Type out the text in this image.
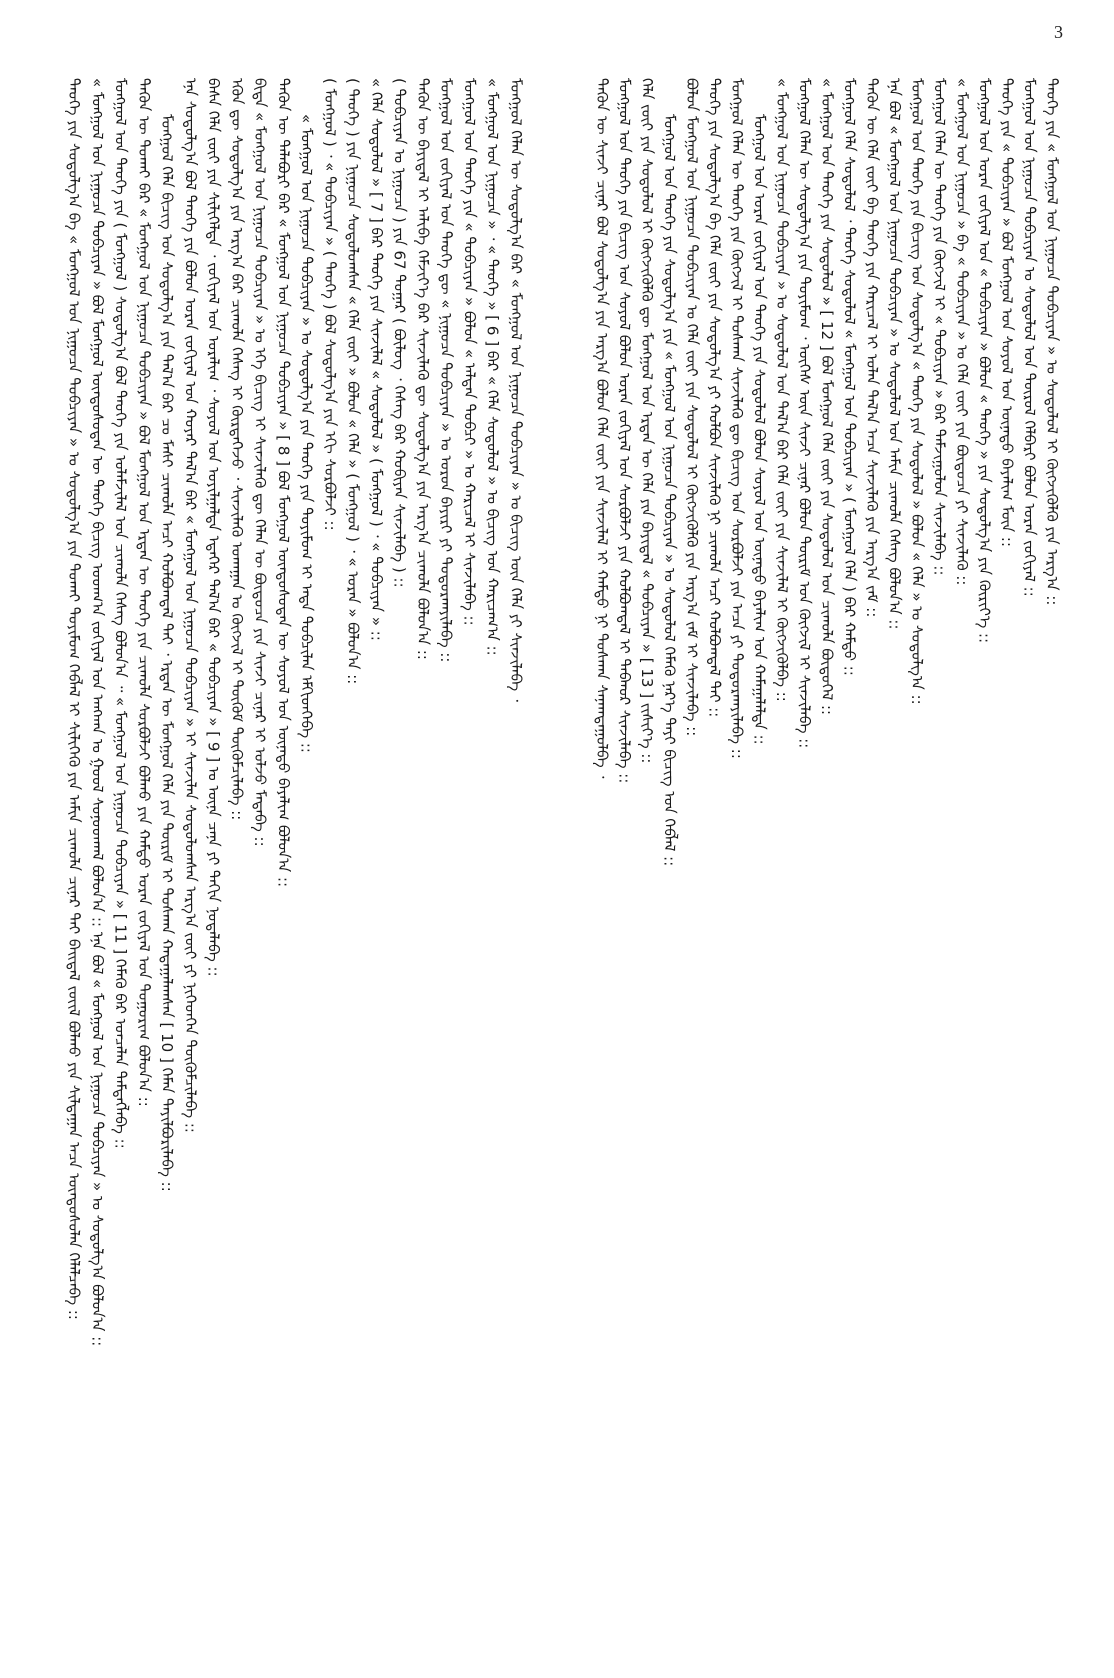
3
ᠲᠡᠦᠬᠡ ᠶᠢᠨ ᠰᠣᠳᠣᠯᠭ᠎ᠠ ᠪᠠ « ᠮᠣᠩᠭᠣᠯ ᠤᠨ ᠨᠢᠭᠤᠴᠠ ᠲᠣᠪᠴᠢᠶᠠᠨ » ᠤ ᠰᠣᠳᠣᠯᠭ᠎ᠠ ᠶᠢᠨ ᠲᠤᠬᠠᠢ ᠲᠣᠶᠢᠮᠣᠭ ᠬᠡᠪᠯᠡᠯ ᠢ ᠰᠢᠯᠢᠭᠡᠬᠦ ᠶᠢᠨ ᠠᠮᠢᠨ ᠴᠢᠬᠤᠯᠠ ᠴᠢᠨᠠᠷ ᠲᠠᠢ ᠪᠠᠢᠳᠠᠯ ᠵᠦᠢᠯ ᠪᠣᠯᠬᠣ ᠶᠢᠨ ᠰᠢᠯᠲᠠᠭᠠᠨ ᠠᠴᠠ ᠦᠨᠳᠦᠰᠦᠯᠡᠨ ᠬᠡᠯᠡᠯᠴᠡᠪᠡ :: « ᠮᠣᠩᠭᠣᠯ ᠤᠨ ᠨᠢᠭᠤᠴᠠ ᠲᠣᠪᠴᠢᠶᠠᠨ » ᠪᠣᠯ ᠮᠣᠩᠭᠣᠯ ᠦᠨᠳᠦᠰᠦᠲᠡᠨ ᠦ ᠲᠡᠦᠬᠡ ᠪᠢᠴᠢᠭ ᠤᠳᠬ᠎ᠠ ᠵᠣᠬᠢᠶᠠᠯ ᠤᠨ ᠠᠩᠬᠠᠨ ᠤ ᠭᠣᠣᠯ ᠰᠣᠨᠣᠳᠬᠠᠯ ᠪᠣᠯᠤᠨ᠎ᠠ :: ᠡᠨᠡ ᠪᠣᠯ « ᠮᠣᠩᠭᠣᠯ ᠤᠨ ᠨᠢᠭᠤᠴᠠ ᠲᠣᠪᠴᠢᠶᠠᠨ » ᠤ ᠰᠣᠳᠣᠯᠭ᠎ᠠ ᠪᠣᠯᠤᠨ᠎ᠠ :: ᠮᠣᠩᠭᠣᠯ ᠤᠨ ᠲᠡᠦᠬᠡ ᠶᠢᠨ ( ᠮᠣᠩᠭᠣᠯ ) ᠰᠣᠳᠣᠯᠭ᠎ᠠ ᠪᠣᠯ ᠲᠡᠦᠬᠡ ᠶᠢᠨ ᠤᠯᠠᠮᠵᠢᠯᠠᠯ ᠤᠨ ᠴᠢᠬᠤᠯᠠ ᠬᠡᠰᠡᠭ ᠪᠣᠯᠤᠨ᠎ᠠ ᠃ « ᠮᠣᠩᠭᠣᠯ ᠤᠨ ᠨᠢᠭᠤᠴᠠ ᠲᠣᠪᠴᠢᠶᠠᠨ » [ 11 ] ᠬᠡᠮᠡᠬᠦ ᠪᠠᠷ ᠣᠨᠴᠠᠯᠠᠨ ᠲᠡᠮᠳᠡᠭᠯᠡᠪᠡ :: ᠲᠡᠭᠦᠨ ᠦ ᠲᠣᠬᠠᠢ ᠪᠠᠷ « ᠮᠣᠩᠭᠣᠯ ᠤᠨ ᠨᠢᠭᠤᠴᠠ ᠲᠣᠪᠴᠢᠶᠠᠨ » ᠪᠣᠯ ᠮᠣᠩᠭᠣᠯ ᠤᠨ ᠡᠷᠲᠡᠨ ᠦ ᠲᠡᠦᠬᠡ ᠶᠢᠨ ᠴᠢᠬᠤᠯᠠ ᠰᠤᠷᠪᠤᠯᠵᠢ ᠪᠣᠯᠬᠤ ᠶᠢᠨ ᠬᠠᠮᠲᠤ ᠤᠷᠠᠨ ᠵᠣᠬᠢᠶᠠᠯ ᠤᠨ ᠲᠤᠭᠤᠷᠢᠭ ᠪᠣᠯᠤᠨ᠎ᠠ :: ᠮᠣᠩᠭᠣᠯ ᠬᠡᠯᠡ ᠪᠢᠴᠢᠭ ᠤᠨ ᠰᠤᠳᠤᠯᠭ᠎ᠠ ᠶᠢᠨ ᠲᠠᠯ᠎ᠠ ᠪᠠᠷ ᠴᠤ ᠮᠠᠰᠢ ᠴᠢᠬᠤᠯᠠ ᠠᠴᠢ ᠬᠣᠯᠪᠣᠭᠳᠠᠯ ᠲᠠᠢ ᠂ ᠡᠷᠲᠡᠨ ᠦ ᠮᠣᠩᠭᠣᠯ ᠬᠡᠯᠡ ᠶᠢᠨ ᠳᠦᠷᠢᠮ ᠢ ᠲᠤᠰᠬᠠᠨ ᠬᠠᠳᠠᠭᠠᠯᠠᠭᠰᠠᠨ [ 10 ] ᠬᠡᠮᠡᠨ ᠲᠠᠶᠢᠯᠪᠤᠷᠢᠯᠠᠪᠠ :: ᠡᠨᠡ ᠰᠣᠳᠣᠯᠭ᠎ᠠ ᠪᠣᠯ ᠲᠡᠦᠬᠡ ᠶᠢᠨ ᠪᠣᠯᠤᠨ ᠤᠷᠠᠨ ᠵᠣᠬᠢᠶᠠᠯ ᠤᠨ ᠬᠣᠶᠠᠷ ᠲᠠᠯ᠎ᠠ ᠪᠠᠷ « ᠮᠣᠩᠭᠣᠯ ᠤᠨ ᠨᠢᠭᠤᠴᠠ ᠲᠣᠪᠴᠢᠶᠠᠨ » ᠢ ᠰᠢᠨᠵᠢᠯᠡᠨ ᠰᠤᠳᠤᠯᠤᠭᠰᠠᠨ ᠠᠷᠭ᠎ᠠ ᠵᠦᠢ ᠶᠢ ᠨᠢᠭᠡᠳᠬᠡᠨ ᠳᠦᠭᠦᠮᠴᠢᠯᠡᠪᠡ :: ᠪᠠᠰᠠ ᠬᠡᠯᠡ ᠵᠦᠢ ᠶᠢᠨ ᠰᠢᠯᠢᠭᠡᠯᠲᠡ ᠂ ᠵᠣᠬᠢᠶᠠᠯ ᠤᠨ ᠤᠷᠠᠯᠢᠭ ᠂ ᠰᠤᠶᠤᠯ ᠤᠨ ᠣᠶᠢᠯᠭᠠᠯᠲᠠ ᠡᠳᠡᠭᠡᠷ ᠲᠠᠯ᠎ᠠ ᠪᠠᠷ « ᠲᠣᠪᠴᠢᠶᠠᠨ » [ 9 ] ᠤ ᠦᠨᠡ ᠴᠡᠨᠡ ᠶᠢ ᠳᠠᠬᠢᠨ ᠨᠣᠲᠠᠯᠠᠪᠠ :: ᠡᠭᠦᠨ ᠳᠦ ᠰᠣᠳᠣᠯᠭ᠎ᠠ ᠶᠢᠨ ᠠᠷᠭ᠎ᠠ ᠪᠠᠷ ᠴᠢᠬᠤᠯᠠ ᠬᠡᠰᠡᠭ ᠢ ᠬᠦᠷᠲᠡᠭᠡᠵᠦ ᠂ ᠰᠢᠨᠵᠢᠯᠡᠬᠦ ᠤᠬᠠᠭᠠᠨ ᠤ ᠬᠦᠭᠵᠢᠯ ᠢ ᠳᠦᠬᠦᠮ ᠳᠦᠭᠦᠮᠴᠢᠯᠡᠪᠡ :: ᠪᠢᠳᠡ « ᠮᠣᠩᠭᠣᠯ ᠤᠨ ᠨᠢᠭᠤᠴᠠ ᠲᠣᠪᠴᠢᠶᠠᠨ » ᠤ ᠡᠬᠡ ᠪᠢᠴᠢᠭ ᠢ ᠰᠢᠨᠵᠢᠯᠡᠬᠦ ᠳᠦ ᠬᠡᠯᠡᠨ ᠦ ᠪᠦᠲᠦᠴᠡ ᠶᠢᠨ ᠰᠢᠨᠵᠢ ᠴᠢᠨᠠᠷ ᠢ ᠣᠯᠵᠤ ᠮᠡᠳᠡᠪᠡ :: ᠲᠡᠭᠦᠨ ᠦ ᠲᠠᠯᠠᠪᠤᠷᠢ ᠪᠡᠷ « ᠮᠣᠩᠭᠣᠯ ᠤᠨ ᠨᠢᠭᠤᠴᠠ ᠲᠣᠪᠴᠢᠶᠠᠨ » [ 8 ] ᠪᠣᠯ ᠮᠣᠩᠭᠣᠯ ᠦᠨᠳᠦᠰᠦᠲᠡᠨ ᠦ ᠰᠣᠶᠣᠯ ᠤᠨ ᠦᠨᠡᠲᠦ ᠪᠠᠶᠠᠯᠢᠭ ᠪᠣᠯᠤᠨ᠎ᠠ :: « ᠮᠣᠩᠭᠣᠯ ᠤᠨ ᠨᠢᠭᠤᠴᠠ ᠲᠣᠪᠴᠢᠶᠠᠨ » ᠤ ᠰᠣᠳᠣᠯᠭ᠎ᠠ ᠶᠢᠨ ᠲᠡᠦᠬᠡ ᠶᠢᠨ ᠲᠣᠶᠢᠮᠣᠭ ᠢ ᠡᠨᠳᠡ ᠲᠣᠪᠴᠢᠯᠠᠨ ᠡᠮᠬᠢᠳᠬᠡᠪᠡ :: ( ᠮᠣᠩᠭᠣᠯ ) ᠂ « ᠲᠣᠪᠴᠢᠶᠠᠨ » ( ᠲᠡᠦᠬᠡ ) ᠪᠣᠯ ᠰᠣᠳᠣᠯᠭ᠎ᠠ ᠶᠢᠨ ᠡᠬᠢ ᠰᠤᠷᠪᠤᠯᠵᠢ :: ( ᠲᠡᠦᠬᠡ ) ᠶᠢᠨ ᠨᠢᠭᠤᠴᠠ ᠰᠤᠳᠤᠯᠤᠭᠰᠠᠨ « ᠬᠡᠯᠡ ᠵᠦᠢ » ᠪᠣᠯᠤᠨ « ᠬᠡᠯᠡ » ( ᠮᠣᠩᠭᠣᠯ ) ᠂ « ᠤᠷᠠᠨ » ᠪᠣᠯᠤᠨ᠎ᠠ :: « ᠬᠡᠯᠡ ᠰᠤᠳᠤᠯᠤᠯ » [ 7 ] ᠪᠠᠷ ᠲᠡᠦᠬᠡ ᠶᠢᠨ ᠰᠢᠨᠵᠢᠯᠡᠯ « ᠰᠤᠳᠤᠯᠤᠯ » ( ᠮᠣᠩᠭᠣᠯ ) ᠂ « ᠲᠣᠪᠴᠢᠶᠠᠨ » :: ( ᠲᠣᠪᠴᠢᠶᠠᠨ ᠤ ᠨᠢᠭᠤᠴᠠ ) ᠶᠢᠨ 67 ᠳᠤᠭᠠᠷ ( ᠪᠦᠯᠦᠭ ᠂ ᠬᠡᠰᠡᠭ ᠪᠠᠷ ᠬᠤᠪᠢᠶᠠᠨ ᠰᠢᠨᠵᠢᠯᠡᠪᠡ ) :: ᠲᠡᠭᠦᠨ ᠦ ᠪᠠᠶᠢᠳᠠᠯ ᠢ ᠠᠯᠢᠪᠠ ᠬᠡᠮᠵᠢᠶ᠎ᠡ ᠪᠡᠷ ᠰᠢᠨᠵᠢᠯᠡᠬᠦ ᠳᠦ ᠰᠣᠳᠣᠯᠭ᠎ᠠ ᠶᠢᠨ ᠠᠷᠭ᠎ᠠ ᠴᠢᠬᠤᠯᠠ ᠪᠣᠯᠤᠨ᠎ᠠ :: ᠮᠣᠩᠭᠣᠯ ᠤᠨ ᠵᠣᠬᠢᠶᠠᠯ ᠤᠨ ᠲᠡᠦᠬᠡ ᠳᠦ « ᠨᠢᠭᠤᠴᠠ ᠲᠣᠪᠴᠢᠶᠠᠨ » ᠤ ᠣᠷᠣᠨ ᠪᠠᠶᠢᠷᠢ ᠶᠢ ᠲᠣᠳᠣᠷᠬᠠᠶᠢᠯᠠᠪᠠ :: ᠮᠣᠩᠭᠣᠯ ᠤᠨ ᠲᠡᠦᠬᠡ ᠶᠢᠨ « ᠲᠣᠪᠴᠢᠶᠠᠨ » ᠪᠣᠯᠤᠨ « ᠠᠯᠲᠠᠨ ᠲᠣᠪᠴᠢ » ᠤ ᠬᠠᠷᠢᠴᠠᠯ ᠢ ᠰᠢᠨᠵᠢᠯᠡᠪᠡ :: « ᠮᠣᠩᠭᠣᠯ ᠤᠨ ᠨᠢᠭᠤᠴᠠ » ᠂ « ᠲᠡᠦᠬᠡ » [ 6 ] ᠪᠠᠷ « ᠬᠡᠯᠡ ᠰᠤᠳᠤᠯᠤᠯ » ᠤ ᠪᠢᠴᠢᠭ ᠤᠨ ᠬᠠᠷᠢᠴᠠᠭ᠎ᠠ :: ᠮᠣᠩᠭᠣᠯ ᠬᠡᠯᠡᠨ ᠦ ᠰᠣᠳᠣᠯᠭ᠎ᠠ ᠪᠠᠷ « ᠮᠣᠩᠭᠣᠯ ᠤᠨ ᠨᠢᠭᠤᠴᠠ ᠲᠣᠪᠴᠢᠶᠠᠨ » ᠤ ᠪᠢᠴᠢᠭ ᠦᠨ ᠬᠡᠯᠡ ᠶᠢ ᠰᠢᠨᠵᠢᠯᠡᠪᠡ ᠂	ᠲᠡᠭᠦᠨ ᠦ ᠰᠢᠨᠵᠢ ᠴᠢᠨᠠᠷ ᠪᠣᠯ ᠰᠣᠳᠣᠯᠭ᠎ᠠ ᠶᠢᠨ ᠠᠷᠭ᠎ᠠ ᠪᠣᠯᠤᠨ ᠬᠡᠯᠡ ᠵᠦᠢ ᠶᠢᠨ ᠰᠢᠨᠵᠢᠯᠡᠯ ᠢ ᠬᠠᠮᠲᠤ ᠨᠢ ᠲᠤᠰᠬᠠᠨ ᠰᠠᠨᠠᠭᠳᠠᠭᠤᠯᠪᠠ ᠂ ᠮᠣᠩᠭᠣᠯ ᠤᠨ ᠲᠡᠦᠬᠡ ᠶᠢᠨ ᠪᠢᠴᠢᠭ ᠤᠨ ᠰᠣᠶᠣᠯ ᠪᠣᠯᠤᠨ ᠤᠷᠠᠨ ᠵᠣᠬᠢᠶᠠᠯ ᠤᠨ ᠰᠤᠷᠪᠤᠯᠵᠢ ᠶᠢᠨ ᠬᠣᠯᠪᠣᠭᠳᠠᠯ ᠢ ᠳᠠᠪᠬᠤᠷ ᠰᠢᠨᠵᠢᠯᠡᠪᠡ :: ᠬᠡᠯᠡ ᠵᠦᠢ ᠶᠢᠨ ᠰᠤᠳᠤᠯᠤᠯ ᠢ ᠬᠦᠭᠵᠢᠭᠦᠯᠬᠦ ᠳᠦ ᠮᠣᠩᠭᠣᠯ ᠤᠨ ᠡᠷᠲᠡᠨ ᠦ ᠬᠡᠯᠡ ᠶᠢᠨ ᠪᠠᠶᠢᠳᠠᠯ « ᠲᠣᠪᠴᠢᠶᠠᠨ » [ 13 ] ᠵᠢᠱᠢᠶ᠎ᠡ :: ᠮᠣᠩᠭᠣᠯ ᠤᠨ ᠲᠡᠦᠬᠡ ᠶᠢᠨ ᠰᠣᠳᠣᠯᠭ᠎ᠠ ᠶᠢᠨ « ᠮᠣᠩᠭᠣᠯ ᠤᠨ ᠨᠢᠭᠤᠴᠠ ᠲᠣᠪᠴᠢᠶᠠᠨ » ᠤ ᠰᠤᠳᠤᠯᠤᠯ ᠬᠡᠮᠡᠬᠦ ᠨᠡᠷ᠎ᠡ ᠲᠠᠶᠢ ᠪᠢᠴᠢᠭ ᠤᠨ ᠬᠡᠪᠯᠡᠯ :: ᠪᠣᠯᠤᠨ ᠮᠣᠩᠭᠣᠯ ᠤᠨ ᠨᠢᠭᠤᠴᠠ ᠲᠣᠪᠴᠢᠶᠠᠨ ᠤ ᠬᠡᠯᠡ ᠵᠦᠢ ᠶᠢᠨ ᠰᠤᠳᠤᠯᠤᠯ ᠢ ᠬᠦᠭᠵᠢᠭᠦᠯᠬᠦ ᠶᠢᠨ ᠠᠷᠭ᠎ᠠ ᠵᠠᠮ ᠢ ᠰᠢᠨᠵᠢᠯᠡᠪᠡ :: ᠲᠡᠦᠬᠡ ᠶᠢᠨ ᠰᠣᠳᠣᠯᠭ᠎ᠠ ᠪᠠ ᠬᠡᠯᠡ ᠵᠦᠢ ᠶᠢᠨ ᠰᠣᠳᠣᠯᠭ᠎ᠠ ᠶᠢ ᠬᠣᠯᠪᠣᠨ ᠰᠢᠨᠵᠢᠯᠡᠬᠦ ᠨᠢ ᠴᠢᠬᠤᠯᠠ ᠠᠴᠢ ᠬᠣᠯᠪᠣᠭᠳᠠᠯ ᠲᠠᠶ :: ᠮᠣᠩᠭᠣᠯ ᠬᠡᠯᠡᠨ ᠦ ᠲᠡᠦᠬᠡ ᠶᠢᠨ ᠬᠦᠭᠵᠢᠯ ᠢ ᠲᠤᠰᠬᠠᠨ ᠰᠢᠨᠵᠢᠯᠡᠬᠦ ᠳᠦ ᠪᠢᠴᠢᠭ ᠤᠨ ᠰᠤᠷᠪᠤᠯᠵᠢ ᠶᠢᠨ ᠠᠴᠠ ᠶᠢ ᠲᠣᠳᠣᠷᠬᠠᠶᠢᠯᠠᠪᠠ :: ᠮᠣᠩᠭᠣᠯ ᠤᠨ ᠤᠷᠠᠨ ᠵᠣᠬᠢᠶᠠᠯ ᠤᠨ ᠲᠡᠦᠬᠡ ᠶᠢᠨ ᠰᠤᠳᠤᠯᠤᠯ ᠪᠣᠯᠤᠨ ᠰᠣᠶᠣᠯ ᠤᠨ ᠦᠨᠡᠲᠦ ᠪᠠᠶᠠᠯᠢᠭ ᠤᠨ ᠬᠠᠮᠠᠭᠠᠯᠠᠯᠲᠠ :: « ᠮᠣᠩᠭᠣᠯ ᠤᠨ ᠨᠢᠭᠤᠴᠠ ᠲᠣᠪᠴᠢᠶᠠᠨ » ᠤ ᠰᠤᠳᠤᠯᠤᠯ ᠤᠨ ᠲᠠᠯ᠎ᠠ ᠪᠠᠷ ᠬᠡᠯᠡ ᠵᠦᠢ ᠶᠢᠨ ᠰᠢᠨᠵᠢᠯᠡᠯ ᠢ ᠬᠦᠭᠵᠢᠭᠦᠯᠪᠡ :: ᠮᠣᠩᠭᠣᠯ ᠬᠡᠯᠡᠨ ᠦ ᠰᠣᠳᠣᠯᠭ᠎ᠠ ᠶᠢᠨ ᠲᠣᠶᠢᠮᠣᠭ ᠂ ᠦᠭᠡᠰ ᠦᠨ ᠰᠢᠨᠵᠢ ᠴᠢᠨᠠᠷ ᠪᠣᠯᠤᠨ ᠳᠦᠷᠢᠮ ᠤᠨ ᠬᠦᠭᠵᠢᠯ ᠢ ᠰᠢᠨᠵᠢᠯᠡᠪᠡ :: « ᠮᠣᠩᠭᠣᠯ ᠤᠨ ᠲᠡᠦᠬᠡ ᠶᠢᠨ ᠰᠤᠳᠤᠯᠤᠯ » [ 12 ] ᠪᠣᠯ ᠮᠣᠩᠭᠣᠯ ᠬᠡᠯᠡ ᠵᠦᠢ ᠶᠢᠨ ᠰᠤᠳᠤᠯᠤᠯ ᠤᠨ ᠴᠢᠬᠤᠯᠠ ᠪᠦᠲᠦᠭᠡᠯ :: ᠮᠣᠩᠭᠣᠯ ᠬᠡᠯᠡ ᠰᠤᠳᠤᠯᠤᠯ ᠂ ᠲᠡᠦᠬᠡ ᠰᠤᠳᠤᠯᠤᠯ « ᠮᠣᠩᠭᠣᠯ ᠤᠨ ᠲᠣᠪᠴᠢᠶᠠᠨ » ( ᠮᠣᠩᠭᠣᠯ ᠬᠡᠯᠡ ) ᠪᠠᠷ ᠬᠠᠮᠲᠤ :: ᠲᠡᠭᠦᠨ ᠦ ᠬᠡᠯᠡ ᠵᠦᠢ ᠪᠠ ᠲᠡᠦᠬᠡ ᠶᠢᠨ ᠬᠠᠷᠢᠴᠠᠯ ᠢ ᠣᠯᠠᠨ ᠲᠠᠯ᠎ᠠ ᠠᠴᠠ ᠰᠢᠨᠵᠢᠯᠡᠬᠦ ᠶᠢᠨ ᠠᠷᠭ᠎ᠠ ᠵᠠᠮ :: ᠡᠨᠡ ᠪᠣᠯ « ᠮᠣᠩᠭᠣᠯ ᠤᠨ ᠨᠢᠭᠤᠴᠠ ᠲᠣᠪᠴᠢᠶᠠᠨ » ᠤ ᠰᠤᠳᠤᠯᠤᠯ ᠤᠨ ᠠᠮᠢᠨ ᠴᠢᠬᠤᠯᠠ ᠬᠡᠰᠡᠭ ᠪᠣᠯᠤᠨ᠎ᠠ :: ᠮᠣᠩᠭᠣᠯ ᠤᠨ ᠲᠡᠦᠬᠡ ᠶᠢᠨ ᠪᠢᠴᠢᠭ ᠤᠨ ᠰᠣᠳᠣᠯᠭ᠎ᠠ « ᠲᠡᠦᠬᠡ ᠶᠢᠨ ᠰᠤᠳᠤᠯᠤᠯ » ᠪᠣᠯᠤᠨ « ᠬᠡᠯᠡ » ᠤ ᠰᠣᠳᠣᠯᠭ᠎ᠠ :: ᠮᠣᠩᠭᠣᠯ ᠬᠡᠯᠡᠨ ᠦ ᠲᠡᠦᠬᠡ ᠶᠢᠨ ᠬᠦᠭᠵᠢᠯ ᠢ « ᠲᠣᠪᠴᠢᠶᠠᠨ » ᠪᠠᠷ ᠳᠠᠮᠵᠢᠭᠤᠯᠤᠨ ᠰᠢᠨᠵᠢᠯᠡᠪᠡ :: « ᠮᠣᠩᠭᠣᠯ ᠤᠨ ᠨᠢᠭᠤᠴᠠ » ᠪᠠ « ᠲᠣᠪᠴᠢᠶᠠᠨ » ᠤ ᠬᠡᠯᠡ ᠵᠦᠢ ᠶᠢᠨ ᠪᠦᠲᠦᠴᠡ ᠶᠢ ᠰᠢᠨᠵᠢᠯᠡᠬᠦ :: ᠮᠣᠩᠭᠣᠯ ᠤᠨ ᠤᠷᠠᠨ ᠵᠣᠬᠢᠶᠠᠯ ᠤᠨ « ᠲᠣᠪᠴᠢᠶᠠᠨ » ᠪᠣᠯᠤᠨ « ᠲᠡᠦᠬᠡ » ᠶᠢᠨ ᠰᠣᠳᠣᠯᠭ᠎ᠠ ᠶᠢᠨ ᠬᠦᠷᠢᠶ᠎ᠡ :: ᠲᠡᠦᠬᠡ ᠶᠢᠨ « ᠲᠣᠪᠴᠢᠶᠠᠨ » ᠪᠣᠯ ᠮᠣᠩᠭᠣᠯ ᠤᠨ ᠰᠣᠶᠣᠯ ᠤᠨ ᠦᠨᠡᠲᠦ ᠪᠠᠶᠠᠯᠢᠭ ᠮᠥᠨ :: ᠮᠣᠩᠭᠣᠯ ᠤᠨ ᠨᠢᠭᠤᠴᠠ ᠲᠣᠪᠴᠢᠶᠠᠨ ᠤ ᠰᠤᠳᠤᠯᠤᠯ ᠤᠨ ᠲᠦᠷᠦᠯ ᠬᠡᠯᠪᠡᠷᠢ ᠪᠣᠯᠤᠨ ᠤᠷᠠᠨ ᠵᠣᠬᠢᠶᠠᠯ :: ᠲᠡᠦᠬᠡ ᠶᠢᠨ « ᠮᠣᠩᠭᠣᠯ ᠤᠨ ᠨᠢᠭᠤᠴᠠ ᠲᠣᠪᠴᠢᠶᠠᠨ » ᠤ ᠰᠤᠳᠤᠯᠤᠯ ᠢ ᠬᠦᠭᠵᠢᠭᠦᠯᠬᠦ ᠶᠢᠨ ᠠᠷᠭ᠎ᠠ ::
